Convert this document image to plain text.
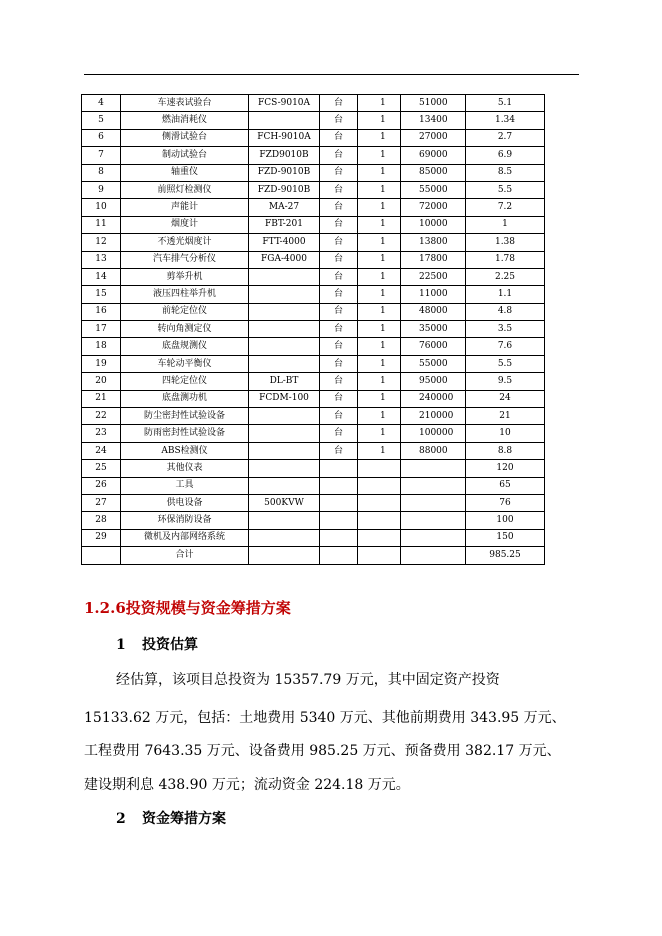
4	车速表试验台	FCS-9010A	台	1	51000	5.1
5	燃油消耗仪		台	1	13400	1.34
6	侧滑试验台	FCH-9010A	台	1	27000	2.7
7	制动试验台	FZD9010B	台	1	69000	6.9
8	轴重仪	FZD-9010B	台	1	85000	8.5
9	前照灯检测仪	FZD-9010B	台	1	55000	5.5
10	声能计	MA-27	台	1	72000	7.2
11	烟度计	FBT-201	台	1	10000	1
12	不透光烟度计	FTT-4000	台	1	13800	1.38
13	汽车排气分析仪	FGA-4000	台	1	17800	1.78
14	剪举升机		台	1	22500	2.25
15	液压四柱举升机		台	1	11000	1.1
16	前轮定位仪		台	1	48000	4.8
17	转向角测定仪		台	1	35000	3.5
18	底盘规测仪		台	1	76000	7.6
19	车轮动平衡仪		台	1	55000	5.5
20	四轮定位仪	DL-BT	台	1	95000	9.5
21	底盘测功机	FCDM-100	台	1	240000	24
22	防尘密封性试验设备		台	1	210000	21
23	防雨密封性试验设备		台	1	100000	10
24	ABS检测仪		台	1	88000	8.8
25	其他仪表					120
26	工具					65
27	供电设备	500KVW				76
28	环保消防设备					100
29	微机及内部网络系统					150
	合计					985.25
1.2.6投资规模与资金筹措方案
1 投资估算
经估算，该项目总投资为 15357.79 万元，其中固定资产投资
15133.62 万元，包括：土地费用 5340 万元、其他前期费用 343.95 万元、
工程费用 7643.35 万元、设备费用 985.25 万元、预备费用 382.17 万元、
建设期利息 438.90 万元；流动资金 224.18 万元。
2 资金筹措方案
